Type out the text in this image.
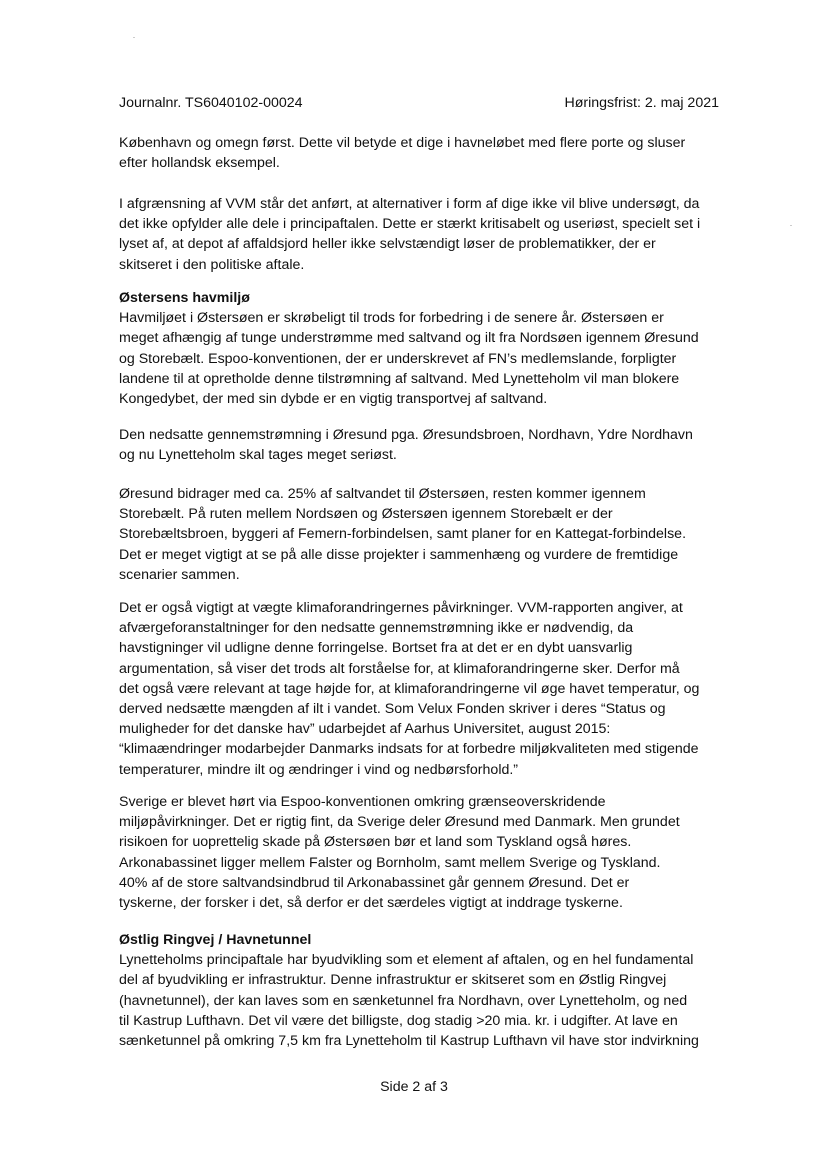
Journalnr. TS6040102-00024	Høringsfrist: 2. maj 2021

København og omegn først. Dette vil betyde et dige i havneløbet med flere porte og sluser

efter hollandsk eksempel.

I afgrænsning af VVM står det anført, at alternativer i form af dige ikke vil blive undersøgt, da

det ikke opfylder alle dele i principaftalen. Dette er stærkt kritisabelt og useriøst, specielt set i

lyset af, at depot af affaldsjord heller ikke selvstændigt løser de problematikker, der er

skitseret i den politiske aftale.

Østersens havmiljø

Havmiljøet i Østersøen er skrøbeligt til trods for forbedring i de senere år. Østersøen er

meget afhængig af tunge understrømme med saltvand og ilt fra Nordsøen igennem Øresund

og Storebælt. Espoo-konventionen, der er underskrevet af FN’s medlemslande, forpligter

landene til at opretholde denne tilstrømning af saltvand. Med Lynetteholm vil man blokere

Kongedybet, der med sin dybde er en vigtig transportvej af saltvand.

Den nedsatte gennemstrømning i Øresund pga. Øresundsbroen, Nordhavn, Ydre Nordhavn

og nu Lynetteholm skal tages meget seriøst.

Øresund bidrager med ca. 25% af saltvandet til Østersøen, resten kommer igennem

Storebælt. På ruten mellem Nordsøen og Østersøen igennem Storebælt er der

Storebæltsbroen, byggeri af Femern-forbindelsen, samt planer for en Kattegat-forbindelse.

Det er meget vigtigt at se på alle disse projekter i sammenhæng og vurdere de fremtidige

scenarier sammen.

Det er også vigtigt at vægte klimaforandringernes påvirkninger. VVM-rapporten angiver, at

afværgeforanstaltninger for den nedsatte gennemstrømning ikke er nødvendig, da

havstigninger vil udligne denne forringelse. Bortset fra at det er en dybt uansvarlig

argumentation, så viser det trods alt forståelse for, at klimaforandringerne sker. Derfor må

det også være relevant at tage højde for, at klimaforandringerne vil øge havet temperatur, og

derved nedsætte mængden af ilt i vandet. Som Velux Fonden skriver i deres “Status og

muligheder for det danske hav” udarbejdet af Aarhus Universitet, august 2015:

“klimaændringer modarbejder Danmarks indsats for at forbedre miljøkvaliteten med stigende

temperaturer, mindre ilt og ændringer i vind og nedbørsforhold.”

Sverige er blevet hørt via Espoo-konventionen omkring grænseoverskridende

miljøpåvirkninger. Det er rigtig fint, da Sverige deler Øresund med Danmark. Men grundet

risikoen for uoprettelig skade på Østersøen bør et land som Tyskland også høres.

Arkonabassinet ligger mellem Falster og Bornholm, samt mellem Sverige og Tyskland.

40% af de store saltvandsindbrud til Arkonabassinet går gennem Øresund. Det er

tyskerne, der forsker i det, så derfor er det særdeles vigtigt at inddrage tyskerne.

Østlig Ringvej / Havnetunnel

Lynetteholms principaftale har byudvikling som et element af aftalen, og en hel fundamental

del af byudvikling er infrastruktur. Denne infrastruktur er skitseret som en Østlig Ringvej

(havnetunnel), der kan laves som en sænketunnel fra Nordhavn, over Lynetteholm, og ned

til Kastrup Lufthavn. Det vil være det billigste, dog stadig >20 mia. kr. i udgifter. At lave en

sænketunnel på omkring 7,5 km fra Lynetteholm til Kastrup Lufthavn vil have stor indvirkning

Side 2 af 3
